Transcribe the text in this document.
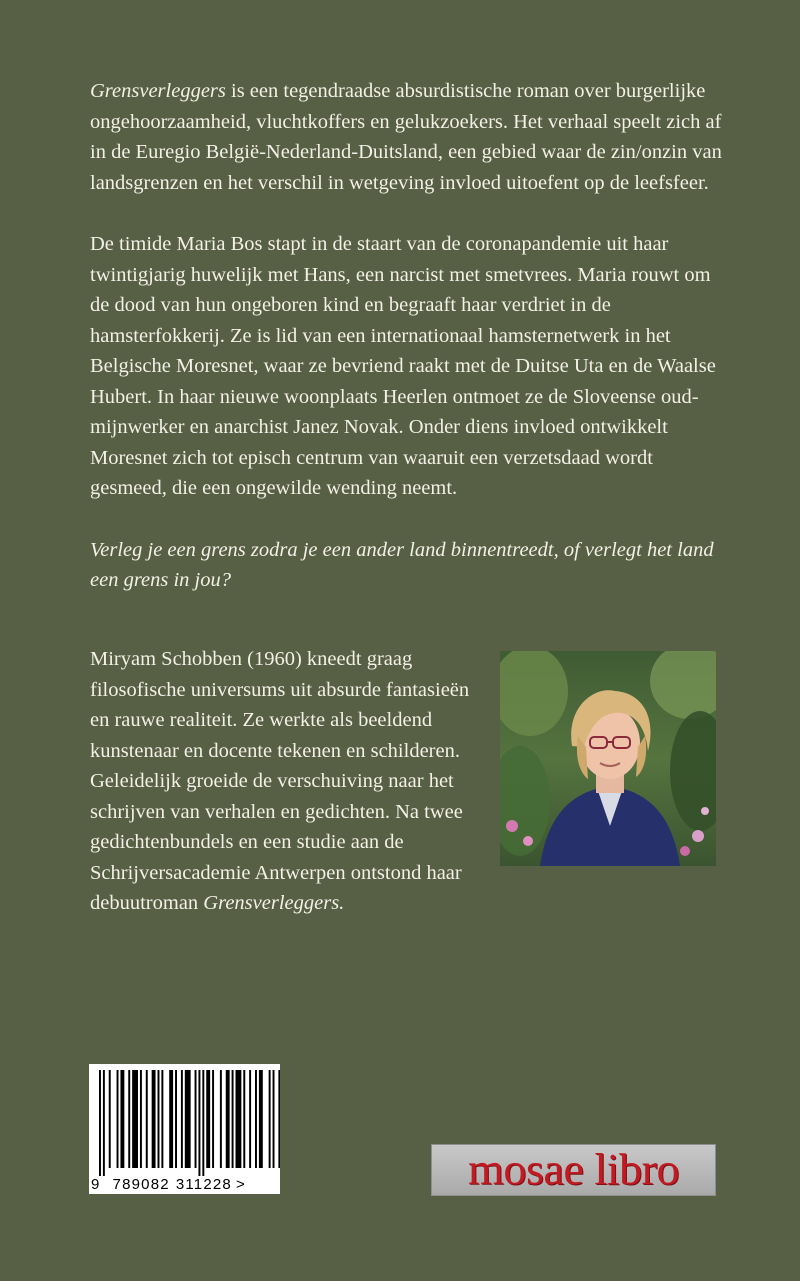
Grensverleggers is een tegendraadse absurdistische roman over burgerlijke ongehoorzaamheid, vluchtkoffers en gelukzoekers. Het verhaal speelt zich af in de Euregio België-Nederland-Duitsland, een gebied waar de zin/onzin van landsgrenzen en het verschil in wetgeving invloed uitoefent op de leefsfeer.

De timide Maria Bos stapt in de staart van de coronapandemie uit haar twintigjarig huwelijk met Hans, een narcist met smetvrees. Maria rouwt om de dood van hun ongeboren kind en begraaft haar verdriet in de hamsterfokkerij. Ze is lid van een internationaal hamsternetwerk in het Belgische Moresnet, waar ze bevriend raakt met de Duitse Uta en de Waalse Hubert. In haar nieuwe woonplaats Heerlen ontmoet ze de Sloveense oud-mijnwerker en anarchist Janez Novak. Onder diens invloed ontwikkelt Moresnet zich tot episch centrum van waaruit een verzetsdaad wordt gesmeed, die een ongewilde wending neemt.

Verleg je een grens zodra je een ander land binnentreedt, of verlegt het land een grens in jou?

Miryam Schobben (1960) kneedt graag filosofische universums uit absurde fantasieën en rauwe realiteit. Ze werkte als beeldend kunstenaar en docente tekenen en schilderen. Geleidelijk groeide de verschuiving naar het schrijven van verhalen en gedichten. Na twee gedichtenbundels en een studie aan de Schrijversacademie Antwerpen ontstond haar debuutroman Grensverleggers.
9 789082 311228 >	mosae libro
